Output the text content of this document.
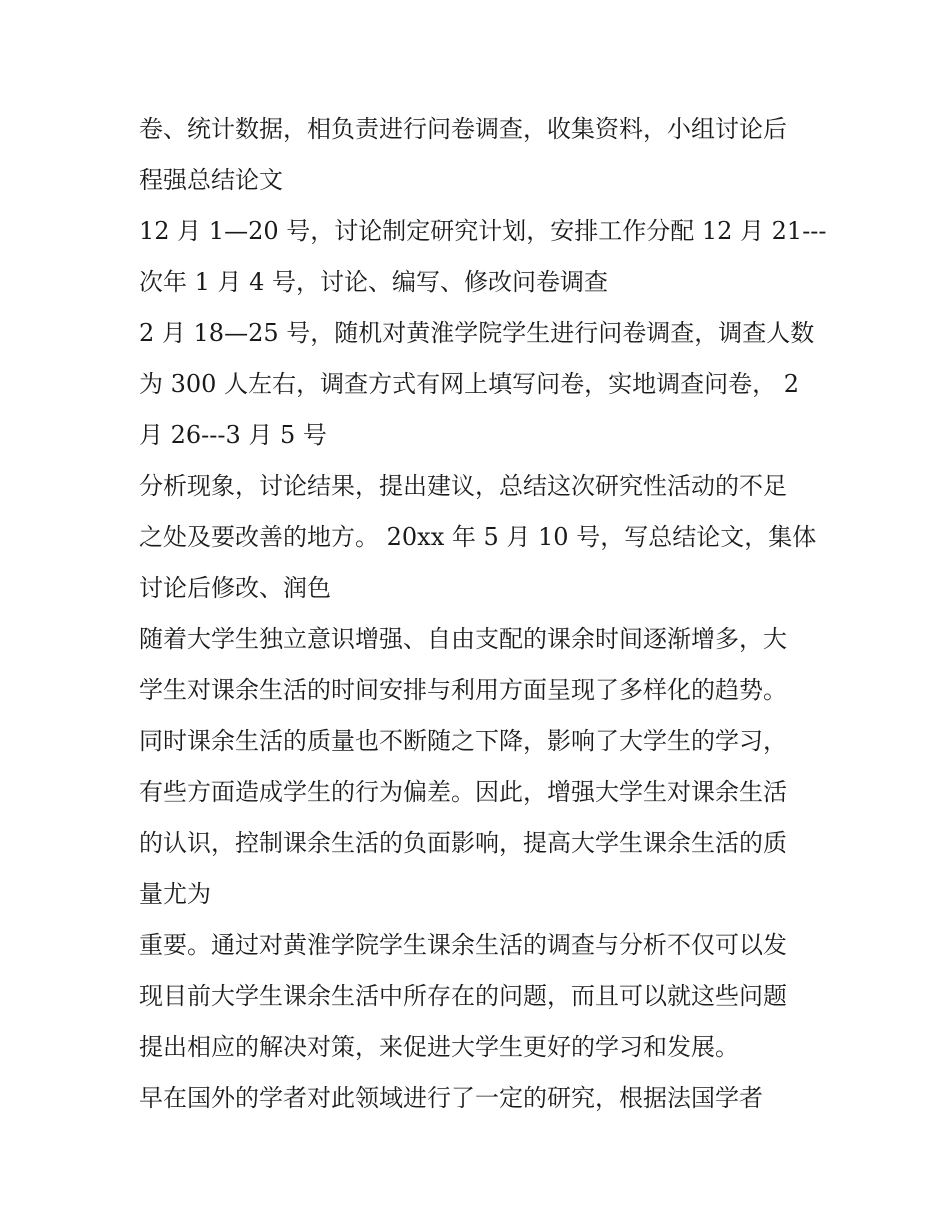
卷、统计数据，相负责进行问卷调查，收集资料，小组讨论后
程强总结论文
12 月 1—20 号，讨论制定研究计划，安排工作分配 12 月 21---
次年 1 月 4 号，讨论、编写、修改问卷调查
2 月 18—25 号，随机对黄淮学院学生进行问卷调查，调查人数
为 300 人左右，调查方式有网上填写问卷，实地调查问卷， 2
月 26---3 月 5 号
分析现象，讨论结果，提出建议，总结这次研究性活动的不足
之处及要改善的地方。 20xx 年 5 月 10 号，写总结论文，集体
讨论后修改、润色
随着大学生独立意识增强、自由支配的课余时间逐渐增多，大
学生对课余生活的时间安排与利用方面呈现了多样化的趋势。
同时课余生活的质量也不断随之下降，影响了大学生的学习，
有些方面造成学生的行为偏差。因此，增强大学生对课余生活
的认识，控制课余生活的负面影响，提高大学生课余生活的质
量尤为
重要。通过对黄淮学院学生课余生活的调查与分析不仅可以发
现目前大学生课余生活中所存在的问题，而且可以就这些问题
提出相应的解决对策，来促进大学生更好的学习和发展。
早在国外的学者对此领域进行了一定的研究，根据法国学者
